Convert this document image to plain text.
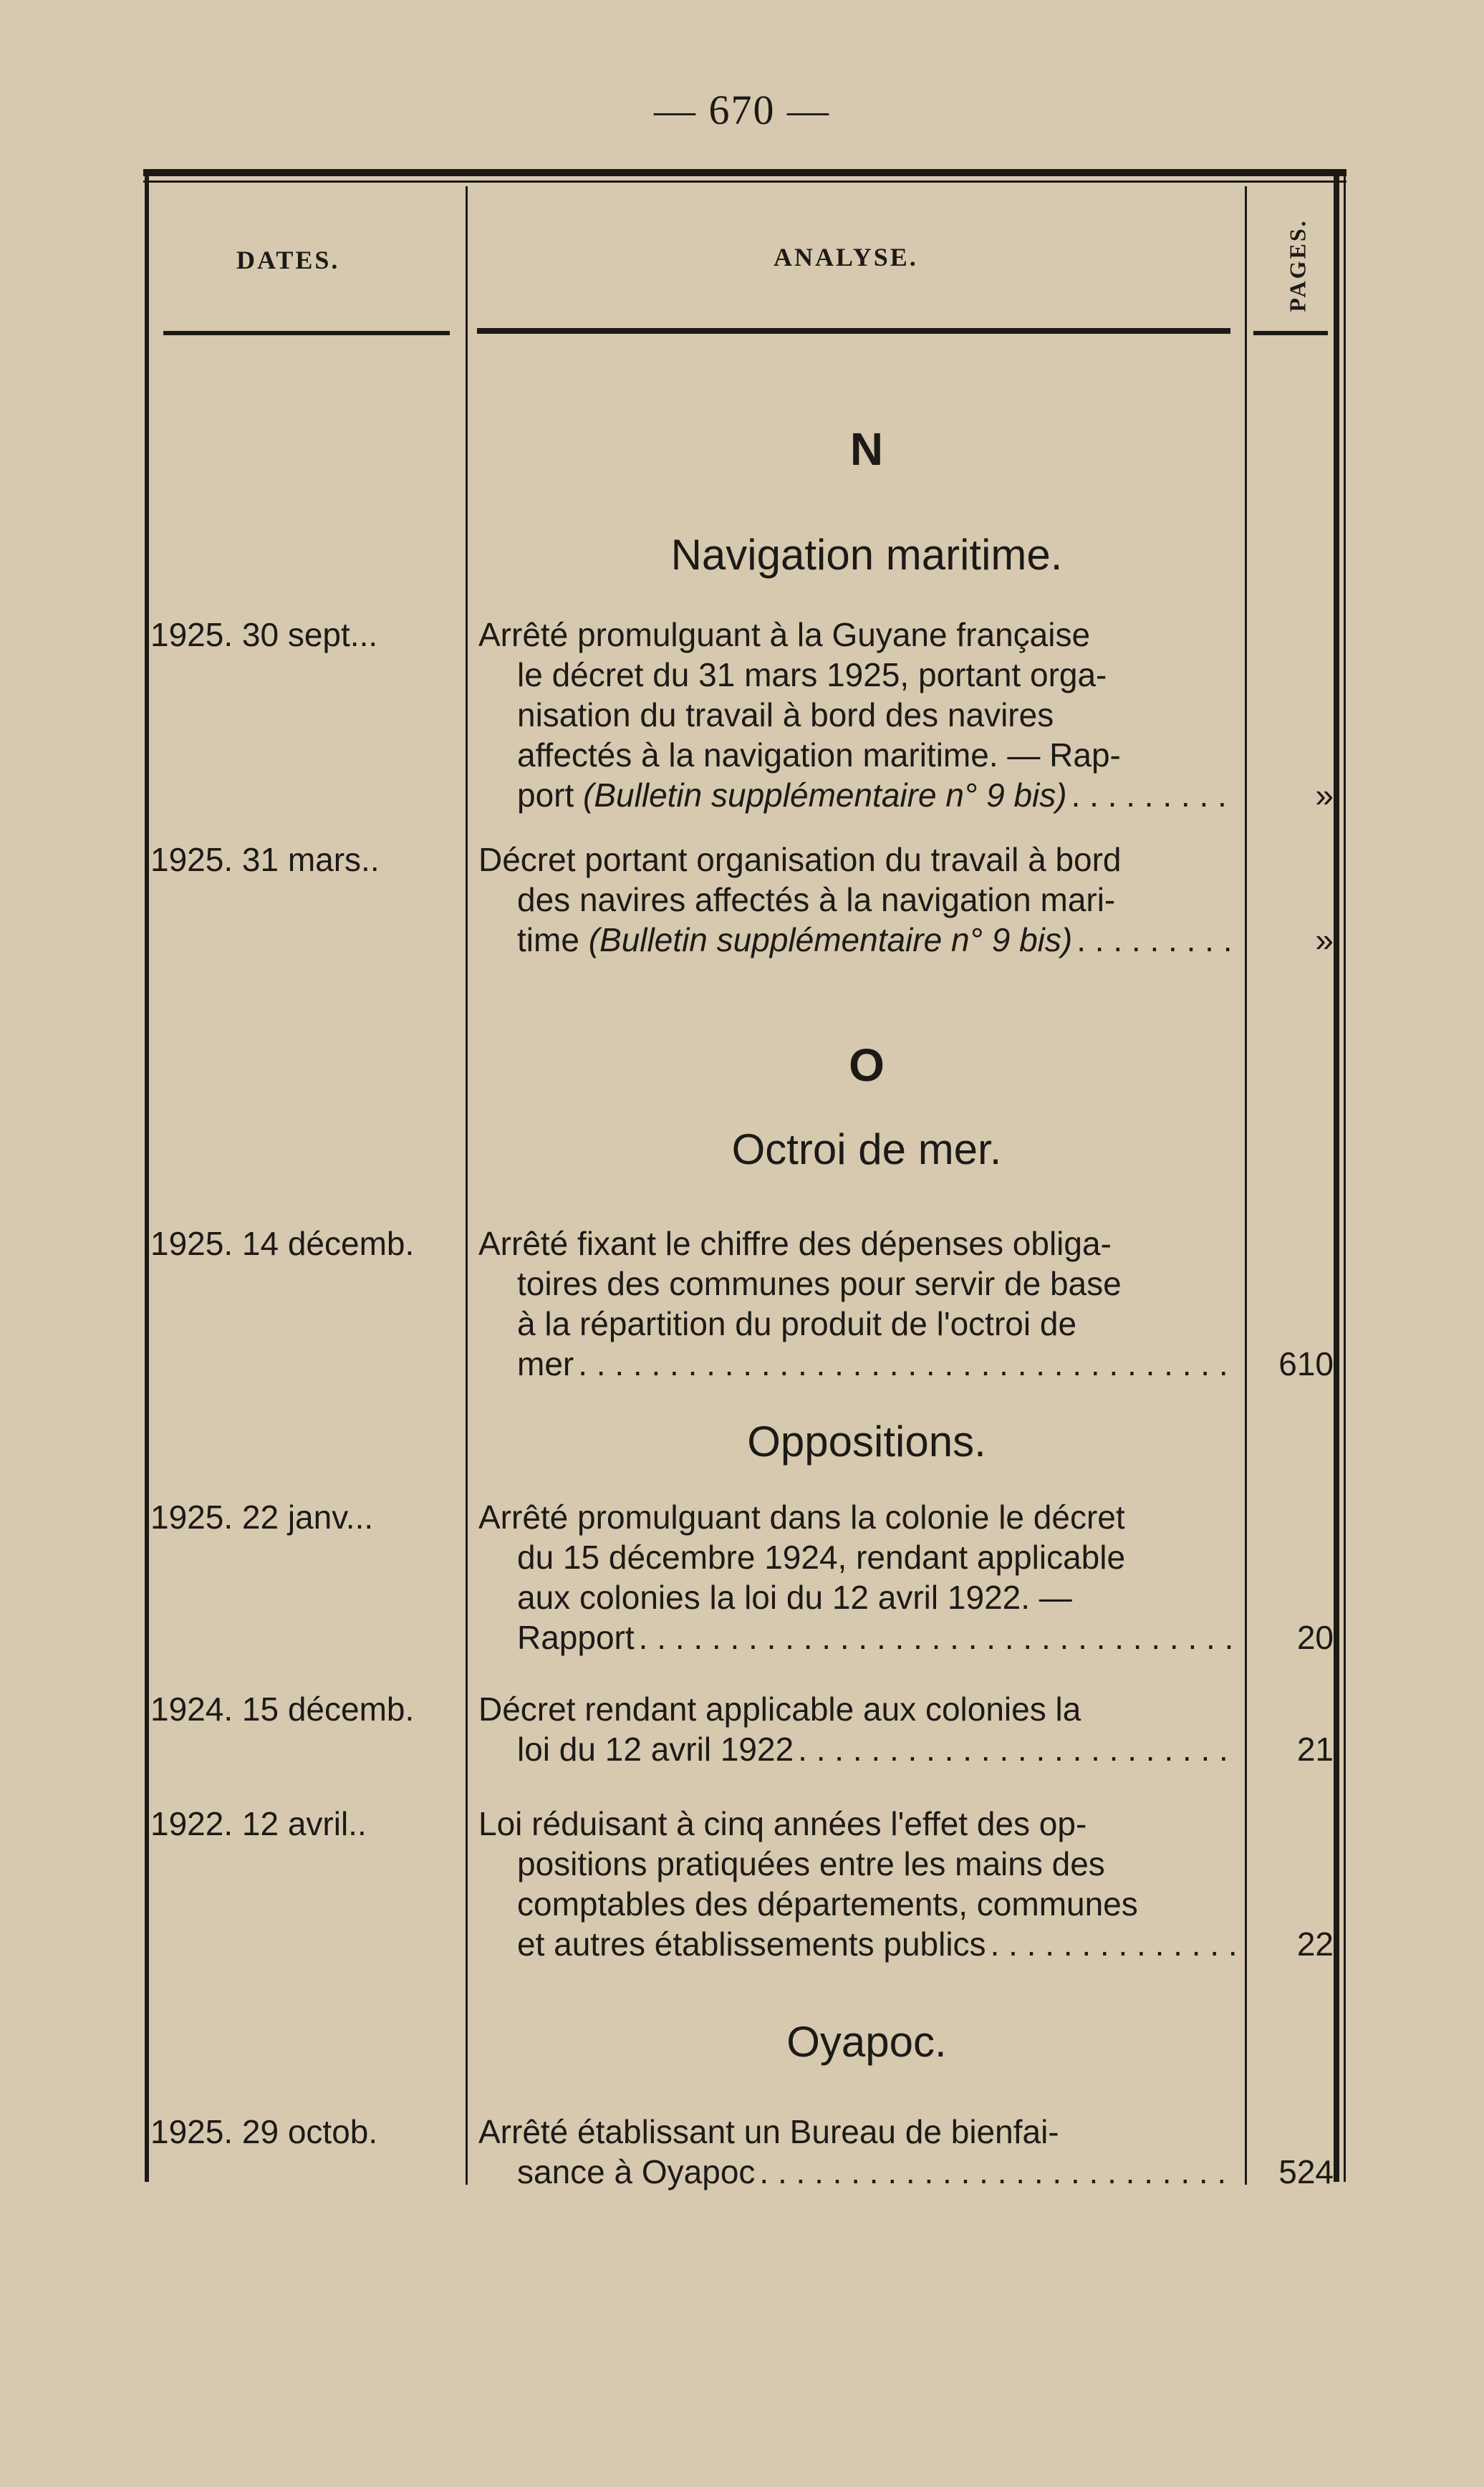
— 670 —
DATES.	ANALYSE.	PAGES.
N
Navigation maritime.
1925. 30 sept...	Arrêté promulguant à la Guyane française
le décret du 31 mars 1925, portant orga-
nisation du travail à bord des navires
affectés à la navigation maritime. — Rap-
port (Bulletin supplémentaire n° 9 bis) . . .	»
1925. 31 mars..	Décret portant organisation du travail à bord
des navires affectés à la navigation mari-
time (Bulletin supplémentaire n° 9 bis) . . .	»
O
Octroi de mer.
1925. 14 décemb.	Arrêté fixant le chiffre des dépenses obliga-
toires des communes pour servir de base
à la répartition du produit de l'octroi de
mer . . .	610
Oppositions.
1925. 22 janv...	Arrêté promulguant dans la colonie le décret
du 15 décembre 1924, rendant applicable
aux colonies la loi du 12 avril 1922. —
Rapport . . .	20
1924. 15 décemb.	Décret rendant applicable aux colonies la
loi du 12 avril 1922 . . .	21
1922. 12 avril..	Loi réduisant à cinq années l'effet des op-
positions pratiquées entre les mains des
comptables des départements, communes
et autres établissements publics . . .	22
Oyapoc.
1925. 29 octob.	Arrêté établissant un Bureau de bienfai-
sance à Oyapoc . . .	524
